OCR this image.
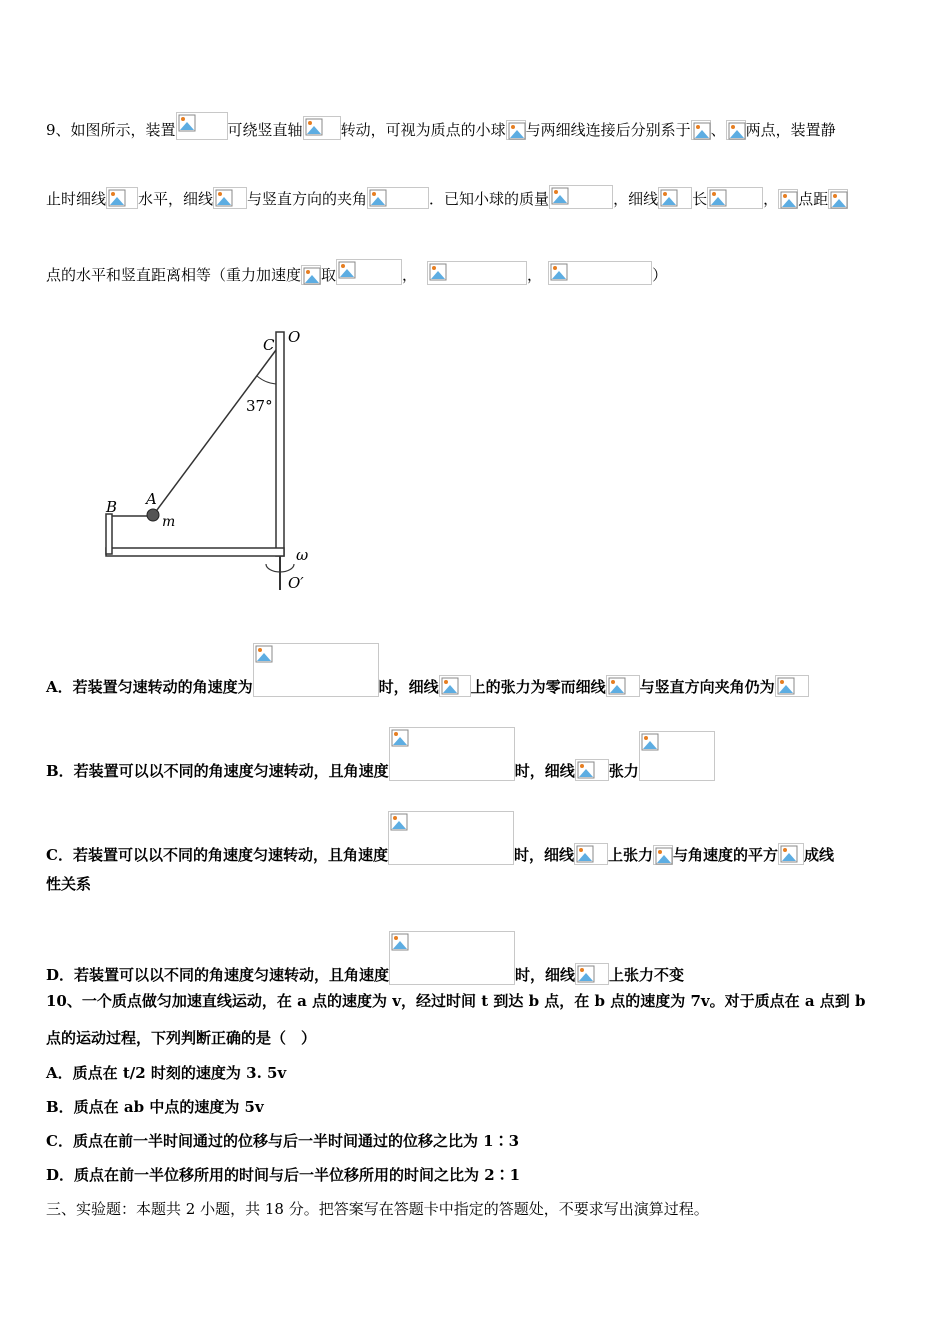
9、如图所示，装置	可绕竖直轴	转动，可视为质点的小球 与两细线连接后分别系于 、 两点，装置静
止时细线 水平，细线 与竖直方向的夹角	．已知小球的质量	，细线 长	， 点距
点的水平和竖直距离相等（重力加速度 取	，	，	）
C O
37°
A
B
m
ω
O′
A．若装置匀速转动的角速度为	时，细线 上的张力为零而细线 与竖直方向夹角仍为
B．若装置可以以不同的角速度匀速转动，且角速度	时，细线 张力
C．若装置可以以不同的角速度匀速转动，且角速度	时，细线 上张力 与角速度的平方 成线
性关系
D．若装置可以以不同的角速度匀速转动，且角速度	时，细线 上张力不变
10、一个质点做匀加速直线运动，在 a 点的速度为 v，经过时间 t 到达 b 点，在 b 点的速度为 7v。对于质点在 a 点到 b
点的运动过程，下列判断正确的是（　）
A．质点在 t/2 时刻的速度为 3. 5v
B．质点在 ab 中点的速度为 5v
C．质点在前一半时间通过的位移与后一半时间通过的位移之比为 1∶3
D．质点在前一半位移所用的时间与后一半位移所用的时间之比为 2∶1
三、实验题：本题共 2 小题，共 18 分。把答案写在答题卡中指定的答题处，不要求写出演算过程。
